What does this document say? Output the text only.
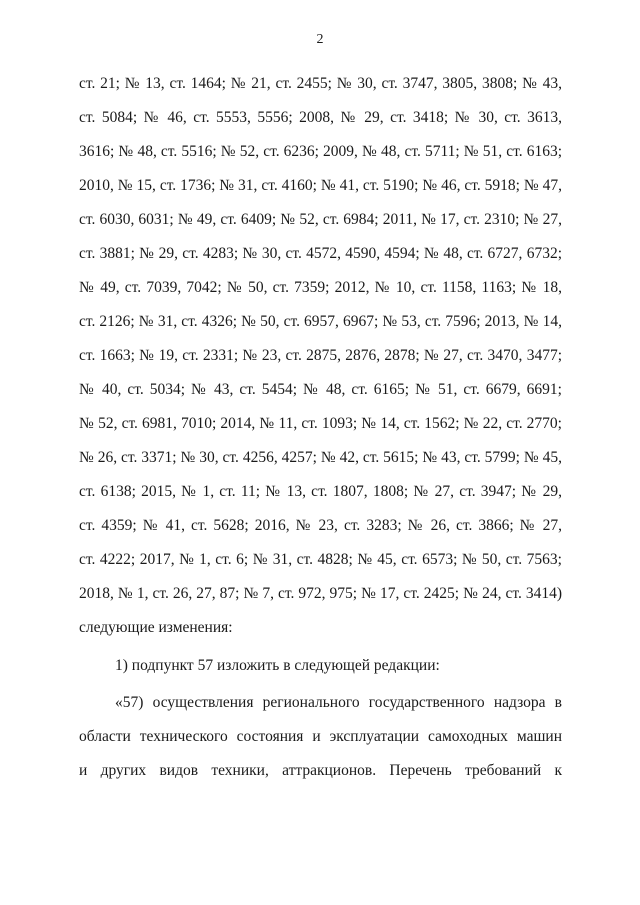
2
ст. 21; № 13, ст. 1464; № 21, ст. 2455; № 30, ст. 3747, 3805, 3808; № 43,
ст. 5084; № 46, ст. 5553, 5556; 2008, № 29, ст. 3418; № 30, ст. 3613,
3616; № 48, ст. 5516; № 52, ст. 6236; 2009, № 48, ст. 5711; № 51, ст. 6163;
2010, № 15, ст. 1736; № 31, ст. 4160; № 41, ст. 5190; № 46, ст. 5918; № 47,
ст. 6030, 6031; № 49, ст. 6409; № 52, ст. 6984; 2011, № 17, ст. 2310; № 27,
ст. 3881; № 29, ст. 4283; № 30, ст. 4572, 4590, 4594; № 48, ст. 6727, 6732;
№ 49, ст. 7039, 7042; № 50, ст. 7359; 2012, № 10, ст. 1158, 1163; № 18,
ст. 2126; № 31, ст. 4326; № 50, ст. 6957, 6967; № 53, ст. 7596; 2013, № 14,
ст. 1663; № 19, ст. 2331; № 23, ст. 2875, 2876, 2878; № 27, ст. 3470, 3477;
№ 40, ст. 5034; № 43, ст. 5454; № 48, ст. 6165; № 51, ст. 6679, 6691;
№ 52, ст. 6981, 7010; 2014, № 11, ст. 1093; № 14, ст. 1562; № 22, ст. 2770;
№ 26, ст. 3371; № 30, ст. 4256, 4257; № 42, ст. 5615; № 43, ст. 5799; № 45,
ст. 6138; 2015, № 1, ст. 11; № 13, ст. 1807, 1808; № 27, ст. 3947; № 29,
ст. 4359; № 41, ст. 5628; 2016, № 23, ст. 3283; № 26, ст. 3866; № 27,
ст. 4222; 2017, № 1, ст. 6; № 31, ст. 4828; № 45, ст. 6573; № 50, ст. 7563;
2018, № 1, ст. 26, 27, 87; № 7, ст. 972, 975; № 17, ст. 2425; № 24, ст. 3414)
следующие изменения:
1) подпункт 57 изложить в следующей редакции:
«57) осуществления регионального государственного надзора в
области технического состояния и эксплуатации самоходных машин
и других видов техники, аттракционов. Перечень требований к
